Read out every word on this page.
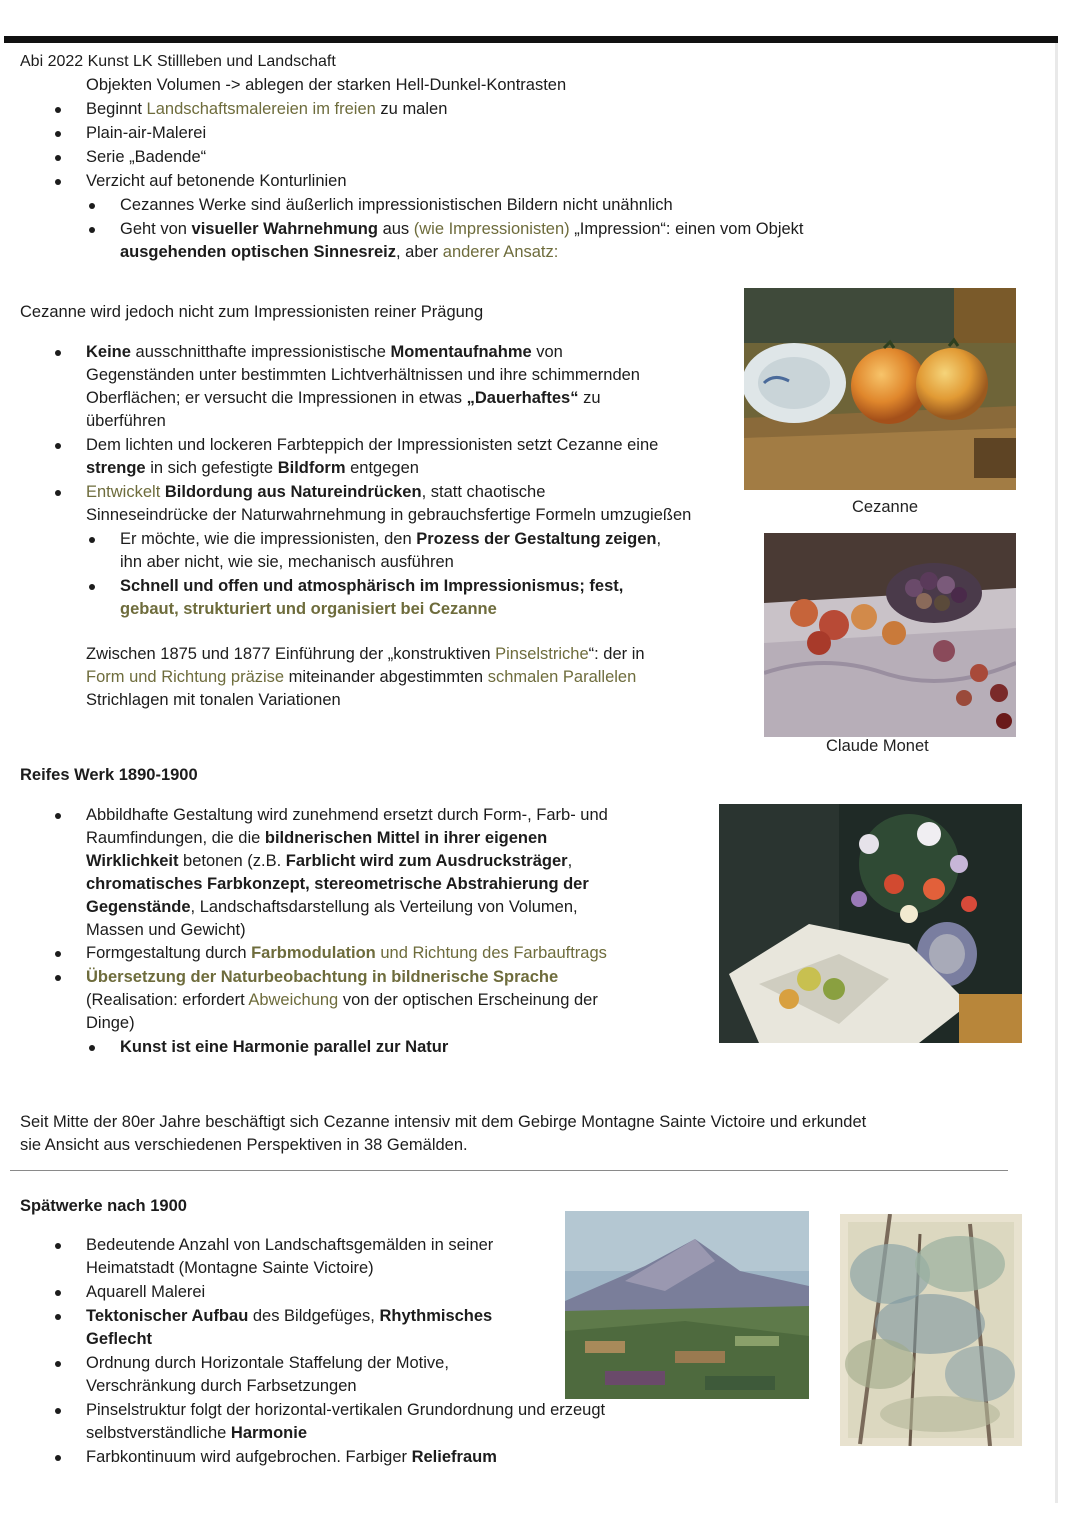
Abi 2022 Kunst LK Stillleben und Landschaft
Objekten Volumen -> ablegen der starken Hell-Dunkel-Kontrasten
Beginnt Landschaftsmalereien im freien zu malen
Plain-air-Malerei
Serie „Badende“
Verzicht auf betonende Konturlinien
Cezannes Werke sind äußerlich impressionistischen Bildern nicht unähnlich
Geht von visueller Wahrnehmung aus (wie Impressionisten) „Impression“: einen vom Objekt
ausgehenden optischen Sinnesreiz, aber anderer Ansatz:
Cezanne wird jedoch nicht zum Impressionisten reiner Prägung
Keine ausschnitthafte impressionistische Momentaufnahme von
Gegenständen unter bestimmten Lichtverhältnissen und ihre schimmernden
Oberflächen; er versucht die Impressionen in etwas „Dauerhaftes“ zu
überführen
Dem lichten und lockeren Farbteppich der Impressionisten setzt Cezanne eine
strenge in sich gefestigte Bildform entgegen
Entwickelt Bildordung aus Natureindrücken, statt chaotische
Sinneseindrücke der Naturwahrnehmung in gebrauchsfertige Formeln umzugießen
Er möchte, wie die impressionisten, den Prozess der Gestaltung zeigen,
ihn aber nicht, wie sie, mechanisch ausführen
Schnell und offen und atmosphärisch im Impressionismus; fest,
gebaut, strukturiert und organisiert bei Cezanne
Zwischen 1875 und 1877 Einführung der „konstruktiven Pinselstriche“: der in
Form und Richtung präzise miteinander abgestimmten schmalen Parallelen
Strichlagen mit tonalen Variationen
Cezanne
Claude Monet
Reifes Werk 1890-1900
Abbildhafte Gestaltung wird zunehmend ersetzt durch Form-, Farb- und
Raumfindungen, die die bildnerischen Mittel in ihrer eigenen
Wirklichkeit betonen (z.B. Farblicht wird zum Ausdrucksträger,
chromatisches Farbkonzept, stereometrische Abstrahierung der
Gegenstände, Landschaftsdarstellung als Verteilung von Volumen,
Massen und Gewicht)
Formgestaltung durch Farbmodulation und Richtung des Farbauftrags
Übersetzung der Naturbeobachtung in bildnerische Sprache
(Realisation: erfordert Abweichung von der optischen Erscheinung der
Dinge)
Kunst ist eine Harmonie parallel zur Natur
Seit Mitte der 80er Jahre beschäftigt sich Cezanne intensiv mit dem Gebirge Montagne Sainte Victoire und erkundet
sie Ansicht aus verschiedenen Perspektiven in 38 Gemälden.
Spätwerke nach 1900
Bedeutende Anzahl von Landschaftsgemälden in seiner
Heimatstadt (Montagne Sainte Victoire)
Aquarell Malerei
Tektonischer Aufbau des Bildgefüges, Rhythmisches
Geflecht
Ordnung durch Horizontale Staffelung der Motive,
Verschränkung durch Farbsetzungen
Pinselstruktur folgt der horizontal-vertikalen Grundordnung und erzeugt
selbstverständliche Harmonie
Farbkontinuum wird aufgebrochen. Farbiger Reliefraum
